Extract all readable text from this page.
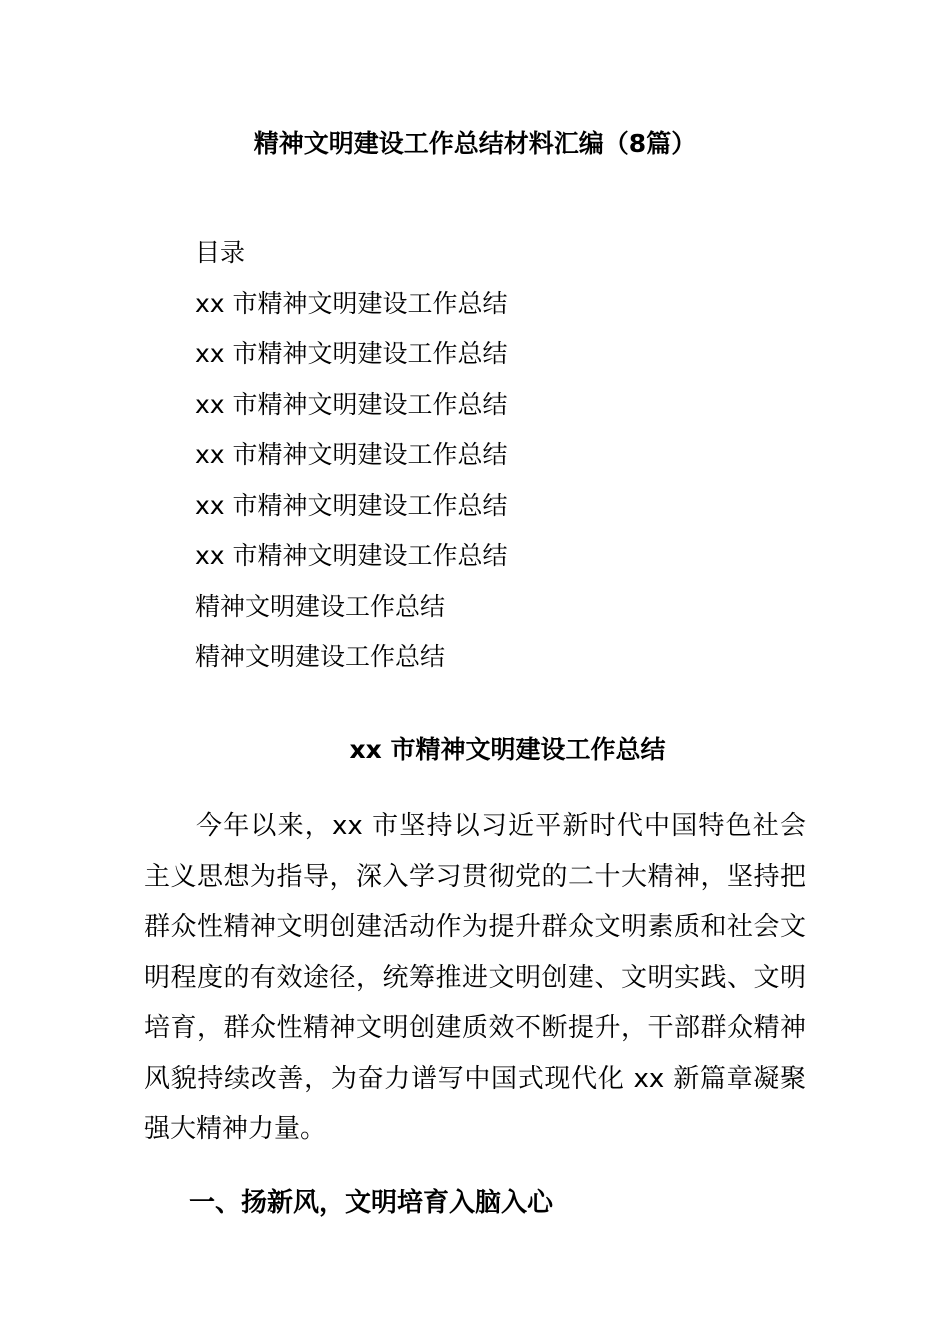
精神文明建设工作总结材料汇编（8篇）
目录
xx 市精神文明建设工作总结
xx 市精神文明建设工作总结
xx 市精神文明建设工作总结
xx 市精神文明建设工作总结
xx 市精神文明建设工作总结
xx 市精神文明建设工作总结
精神文明建设工作总结
精神文明建设工作总结
xx 市精神文明建设工作总结

今年以来，xx 市坚持以习近平新时代中国特色社会主义思想为指导，深入学习贯彻党的二十大精神，坚持把群众性精神文明创建活动作为提升群众文明素质和社会文明程度的有效途径，统筹推进文明创建、文明实践、文明培育，群众性精神文明创建质效不断提升，干部群众精神风貌持续改善，为奋力谱写中国式现代化 xx 新篇章凝聚强大精神力量。

一、扬新风，文明培育入脑入心
